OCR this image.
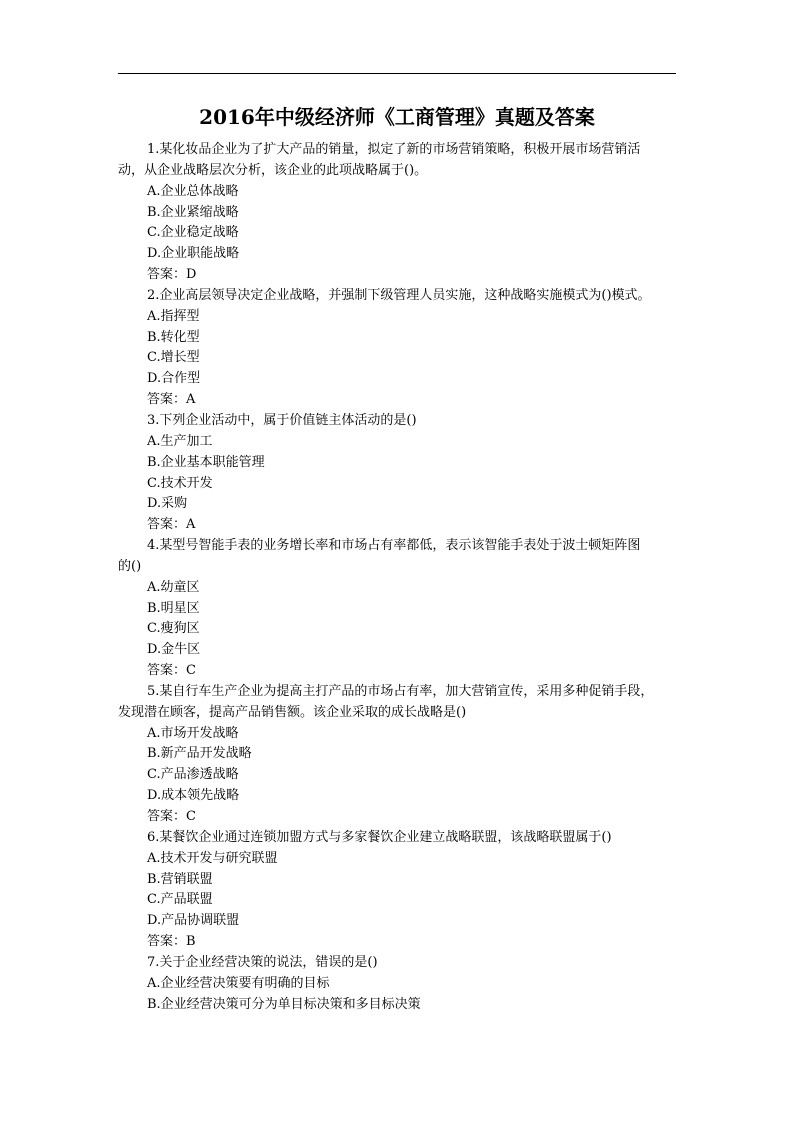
2016年中级经济师《工商管理》真题及答案
1.某化妆品企业为了扩大产品的销量，拟定了新的市场营销策略，积极开展市场营销活
动，从企业战略层次分析，该企业的此项战略属于()。
A.企业总体战略
B.企业紧缩战略
C.企业稳定战略
D.企业职能战略
答案：D
2.企业高层领导决定企业战略，并强制下级管理人员实施，这种战略实施模式为()模式。
A.指挥型
B.转化型
C.增长型
D.合作型
答案：A
3.下列企业活动中，属于价值链主体活动的是()
A.生产加工
B.企业基本职能管理
C.技术开发
D.采购
答案：A
4.某型号智能手表的业务增长率和市场占有率都低，表示该智能手表处于波士顿矩阵图
的()
A.幼童区
B.明星区
C.瘦狗区
D.金牛区
答案：C
5.某自行车生产企业为提高主打产品的市场占有率，加大营销宣传，采用多种促销手段，
发现潜在顾客，提高产品销售额。该企业采取的成长战略是()
A.市场开发战略
B.新产品开发战略
C.产品渗透战略
D.成本领先战略
答案：C
6.某餐饮企业通过连锁加盟方式与多家餐饮企业建立战略联盟，该战略联盟属于()
A.技术开发与研究联盟
B.营销联盟
C.产品联盟
D.产品协调联盟
答案：B
7.关于企业经营决策的说法，错误的是()
A.企业经营决策要有明确的目标
B.企业经营决策可分为单目标决策和多目标决策
